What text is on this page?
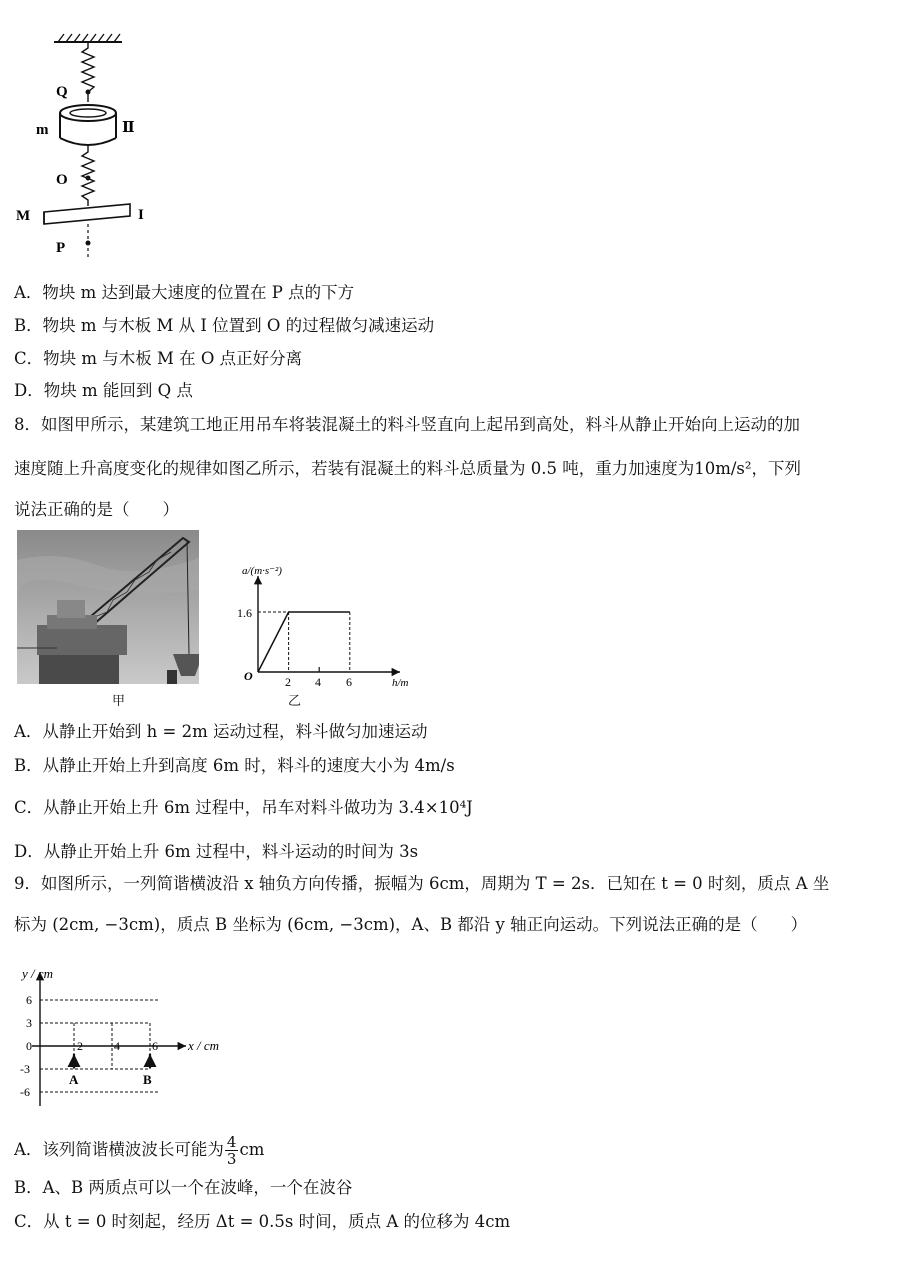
Q
m	Ⅱ
O
M	I
P
A．物块 m 达到最大速度的位置在 P 点的下方
B．物块 m 与木板 M 从 I 位置到 O 的过程做匀减速运动
C．物块 m 与木板 M 在 O 点正好分离
D．物块 m 能回到 Q 点
8．如图甲所示，某建筑工地正用吊车将装混凝土的料斗竖直向上起吊到高处，料斗从静止开始向上运动的加
速度随上升高度变化的规律如图乙所示，若装有混凝土的料斗总质量为 0.5 吨，重力加速度为10m/s²，下列
说法正确的是（　　）
甲
a/(m·s⁻²)
h/m
O
1.6
2 4 6
乙
A．从静止开始到 h = 2m 运动过程，料斗做匀加速运动
B．从静止开始上升到高度 6m 时，料斗的速度大小为 4m/s
C．从静止开始上升 6m 过程中，吊车对料斗做功为 3.4×10⁴J
D．从静止开始上升 6m 过程中，料斗运动的时间为 3s
9．如图所示，一列简谐横波沿 x 轴负方向传播，振幅为 6cm，周期为 T = 2s．已知在 t = 0 时刻，质点 A 坐
标为 (2cm, −3cm)，质点 B 坐标为 (6cm, −3cm)，A、B 都沿 y 轴正向运动。下列说法正确的是（　　）
y / cm
x / cm
6
3
0
-3
-6
2	4	6
A	B
A．该列简谐横波波长可能为 $\frac{4}{3}$ cm
B．A、B 两质点可以一个在波峰，一个在波谷
C．从 t = 0 时刻起，经历 Δt = 0.5s 时间，质点 A 的位移为 4cm
